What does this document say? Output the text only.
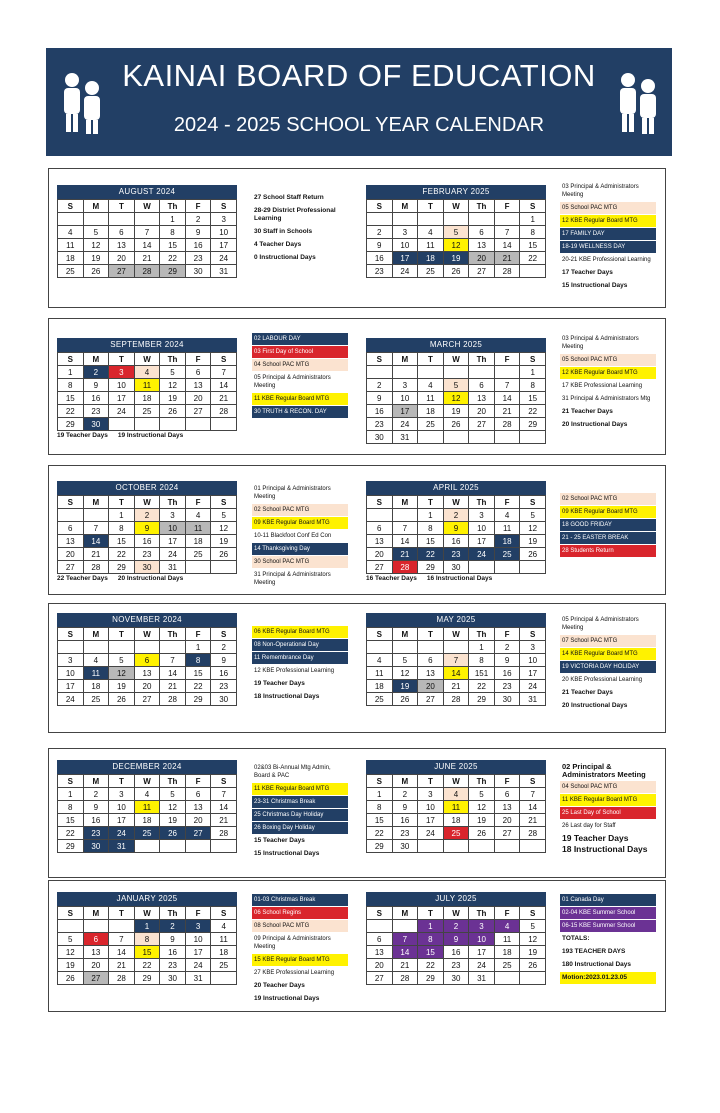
KAINAI BOARD OF EDUCATION
2024 - 2025 SCHOOL YEAR CALENDAR
AUGUST 2024
S	M	T	W	Th	F	S
				1	2	3
4	5	6	7	8	9	10
11	12	13	14	15	16	17
18	19	20	21	22	23	24
25	26	27	28	29	30	31
FEBRUARY 2025
S	M	T	W	Th	F	S
						1
2	3	4	5	6	7	8
9	10	11	12	13	14	15
16	17	18	19	20	21	22
23	24	25	26	27	28	
SEPTEMBER 2024
S	M	T	W	Th	F	S
1	2	3	4	5	6	7
8	9	10	11	12	13	14
15	16	17	18	19	20	21
22	23	24	25	26	27	28
29	30					
19 Teacher Days 19 Instructional Days
MARCH 2025
S	M	T	W	Th	F	S
						1
2	3	4	5	6	7	8
9	10	11	12	13	14	15
16	17	18	19	20	21	22
23	24	25	26	27	28	29
30	31					
OCTOBER 2024
S	M	T	W	Th	F	S
		1	2	3	4	5
6	7	8	9	10	11	12
13	14	15	16	17	18	19
20	21	22	23	24	25	26
27	28	29	30	31		
22 Teacher Days 20 Instructional Days
APRIL 2025
S	M	T	W	Th	F	S
		1	2	3	4	5
6	7	8	9	10	11	12
13	14	15	16	17	18	19
20	21	22	23	24	25	26
27	28	29	30			
16 Teacher Days 16 Instructional Days
NOVEMBER 2024
S	M	T	W	Th	F	S
					1	2
3	4	5	6	7	8	9
10	11	12	13	14	15	16
17	18	19	20	21	22	23
24	25	26	27	28	29	30
MAY 2025
S	M	T	W	Th	F	S
				1	2	3
4	5	6	7	8	9	10
11	12	13	14	151	16	17
18	19	20	21	22	23	24
25	26	27	28	29	30	31
DECEMBER 2024
S	M	T	W	Th	F	S
1	2	3	4	5	6	7
8	9	10	11	12	13	14
15	16	17	18	19	20	21
22	23	24	25	26	27	28
29	30	31				
JUNE 2025
S	M	T	W	Th	F	S
1	2	3	4	5	6	7
8	9	10	11	12	13	14
15	16	17	18	19	20	21
22	23	24	25	26	27	28
29	30					
JANUARY 2025
S	M	T	W	Th	F	S
			1	2	3	4
5	6	7	8	9	10	11
12	13	14	15	16	17	18
19	20	21	22	23	24	25
26	27	28	29	30	31	
JULY 2025
S	M	T	W	Th	F	S
		1	2	3	4	5
6	7	8	9	10	11	12
13	14	15	16	17	18	19
20	21	22	23	24	25	26
27	28	29	30	31		
27 School Staff Return
28-29 District Professional Learning
30 Staff in Schools
4 Teacher Days
0 Instructional Days
03 Principal & Administrators Meeting
05 School PAC MTG
12 KBE Regular Board MTG
17 FAMILY DAY
18-19 WELLNESS DAY
20-21 KBE Professional Learning
17 Teacher Days
15 Instructional Days
02 LABOUR DAY
03 First Day of School
04 School PAC MTG
05 Principal & Administrators Meeting
11 KBE Regular Board MTG
30 TRUTH & RECON. DAY
03 Principal & Administrators Meeting
05 School PAC MTG
12 KBE Regular Board MTG
17 KBE Professional Learning
31 Principal & Administrators Mtg
21 Teacher Days
20 Instructional Days
01 Principal & Administrators Meeting
02 School PAC MTG
09 KBE Regular Board MTG
10-11 Blackfoot Conf Ed Con
14 Thanksgiving Day
30 School PAC MTG
31 Principal & Administrators Meeting
02 School PAC MTG
09 KBE Regular Board MTG
18 GOOD FRIDAY
21 - 25 EASTER BREAK
28 Students Return
06 KBE Regular Board MTG
08 Non-Operational Day
11 Remembrance Day
12 KBE Professional Learning
19 Teacher Days
18 Instructional Days
05 Principal & Administrators Meeting
07 School PAC MTG
14 KBE Regular Board MTG
19 VICTORIA DAY HOLIDAY
20 KBE Professional Learning
21 Teacher Days
20 Instructional Days
02&03 Bi-Annual Mtg Admin, Board & PAC
11 KBE Regular Board MTG
23-31 Christmas Break
25 Christmas Day Holiday
26 Boxing Day Holiday
15 Teacher Days
15 Instructional Days
02 Principal & Administrators Meeting
04 School PAC MTG
11 KBE Regular Board MTG
25 Last Day of School
26 Last day for Staff
19 Teacher Days
18 Instructional Days
01-03 Christmas Break
06 School Regins
08 School PAC MTG
09 Principal & Administrators Meeting
15 KBE Regular Board MTG
27 KBE Professional Learning
20 Teacher Days
19 Instructional Days
01 Canada Day
02-04 KBE Summer School
06-15 KBE Summer School
TOTALS:
193 TEACHER DAYS
180 Instructional Days
Motion:2023.01.23.05
